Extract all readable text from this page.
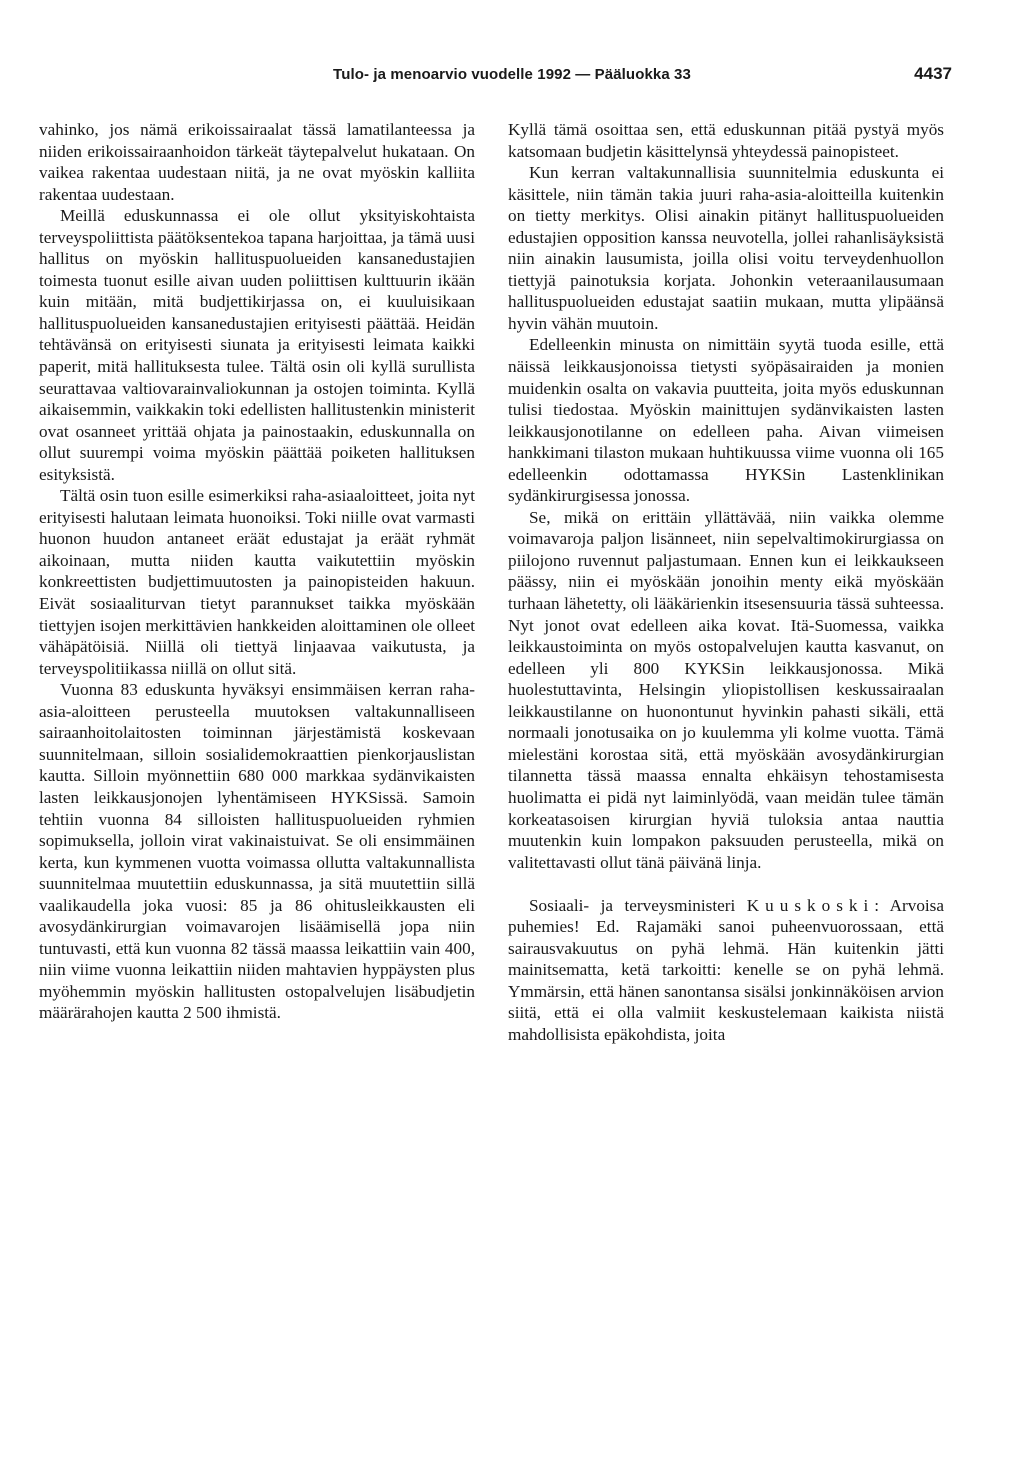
Tulo- ja menoarvio vuodelle 1992 — Pääluokka 33	4437

vahinko, jos nämä erikoissairaalat tässä lamatilanteessa ja niiden erikoissairaanhoidon tärkeät täytepalvelut hukataan. On vaikea rakentaa uudestaan niitä, ja ne ovat myöskin kalliita rakentaa uudestaan.

Meillä eduskunnassa ei ole ollut yksityiskohtaista terveyspoliittista päätöksentekoa tapana harjoittaa, ja tämä uusi hallitus on myöskin hallituspuolueiden kansanedustajien toimesta tuonut esille aivan uuden poliittisen kulttuurin ikään kuin mitään, mitä budjettikirjassa on, ei kuuluisikaan hallituspuolueiden kansanedustajien erityisesti päättää. Heidän tehtävänsä on erityisesti siunata ja erityisesti leimata kaikki paperit, mitä hallituksesta tulee. Tältä osin oli kyllä surullista seurattavaa valtiovarainvaliokunnan ja ostojen toiminta. Kyllä aikaisemmin, vaikkakin toki edellisten hallitustenkin ministerit ovat osanneet yrittää ohjata ja painostaakin, eduskunnalla on ollut suurempi voima myöskin päättää poiketen hallituksen esityksistä.

Tältä osin tuon esille esimerkiksi raha-asiaaloitteet, joita nyt erityisesti halutaan leimata huonoiksi. Toki niille ovat varmasti huonon huudon antaneet eräät edustajat ja eräät ryhmät aikoinaan, mutta niiden kautta vaikutettiin myöskin konkreettisten budjettimuutosten ja painopisteiden hakuun. Eivät sosiaaliturvan tietyt parannukset taikka myöskään tiettyjen isojen merkittävien hankkeiden aloittaminen ole olleet vähäpätöisiä. Niillä oli tiettyä linjaavaa vaikutusta, ja terveyspolitiikassa niillä on ollut sitä.

Vuonna 83 eduskunta hyväksyi ensimmäisen kerran raha-asia-aloitteen perusteella muutoksen valtakunnalliseen sairaanhoitolaitosten toiminnan järjestämistä koskevaan suunnitelmaan, silloin sosialidemokraattien pienkorjauslistan kautta. Silloin myönnettiin 680 000 markkaa sydänvikaisten lasten leikkausjonojen lyhentämiseen HYKSissä. Samoin tehtiin vuonna 84 silloisten hallituspuolueiden ryhmien sopimuksella, jolloin virat vakinaistuivat. Se oli ensimmäinen kerta, kun kymmenen vuotta voimassa ollutta valtakunnallista suunnitelmaa muutettiin eduskunnassa, ja sitä muutettiin sillä vaalikaudella joka vuosi: 85 ja 86 ohitusleikkausten eli avosydänkirurgian voimavarojen lisäämisellä jopa niin tuntuvasti, että kun vuonna 82 tässä maassa leikattiin vain 400, niin viime vuonna leikattiin niiden mahtavien hyppäysten plus myöhemmin myöskin hallitusten ostopalvelujen lisäbudjetin määrärahojen kautta 2 500 ihmistä.

Kyllä tämä osoittaa sen, että eduskunnan pitää pystyä myös katsomaan budjetin käsittelynsä yhteydessä painopisteet.

Kun kerran valtakunnallisia suunnitelmia eduskunta ei käsittele, niin tämän takia juuri raha-asia-aloitteilla kuitenkin on tietty merkitys. Olisi ainakin pitänyt hallituspuolueiden edustajien opposition kanssa neuvotella, jollei rahanlisäyksistä niin ainakin lausumista, joilla olisi voitu terveydenhuollon tiettyjä painotuksia korjata. Johonkin veteraanilausumaan hallituspuolueiden edustajat saatiin mukaan, mutta ylipäänsä hyvin vähän muutoin.

Edelleenkin minusta on nimittäin syytä tuoda esille, että näissä leikkausjonoissa tietysti syöpäsairaiden ja monien muidenkin osalta on vakavia puutteita, joita myös eduskunnan tulisi tiedostaa. Myöskin mainittujen sydänvikaisten lasten leikkausjonotilanne on edelleen paha. Aivan viimeisen hankkimani tilaston mukaan huhtikuussa viime vuonna oli 165 edelleenkin odottamassa HYKSin Lastenklinikan sydänkirurgisessa jonossa.

Se, mikä on erittäin yllättävää, niin vaikka olemme voimavaroja paljon lisänneet, niin sepelvaltimokirurgiassa on piilojono ruvennut paljastumaan. Ennen kun ei leikkaukseen päässy, niin ei myöskään jonoihin menty eikä myöskään turhaan lähetetty, oli lääkärienkin itsesensuuria tässä suhteessa. Nyt jonot ovat edelleen aika kovat. Itä-Suomessa, vaikka leikkaustoiminta on myös ostopalvelujen kautta kasvanut, on edelleen yli 800 KYKSin leikkausjonossa. Mikä huolestuttavinta, Helsingin yliopistollisen keskussairaalan leikkaustilanne on huonontunut hyvinkin pahasti sikäli, että normaali jonotusaika on jo kuulemma yli kolme vuotta. Tämä mielestäni korostaa sitä, että myöskään avosydänkirurgian tilannetta tässä maassa ennalta ehkäisyn tehostamisesta huolimatta ei pidä nyt laiminlyödä, vaan meidän tulee tämän korkeatasoisen kirurgian hyviä tuloksia antaa nauttia muutenkin kuin lompakon paksuuden perusteella, mikä on valitettavasti ollut tänä päivänä linja.

Sosiaali- ja terveysministeri Kuuskoski: Arvoisa puhemies! Ed. Rajamäki sanoi puheenvuorossaan, että sairausvakuutus on pyhä lehmä. Hän kuitenkin jätti mainitsematta, ketä tarkoitti: kenelle se on pyhä lehmä. Ymmärsin, että hänen sanontansa sisälsi jonkinnäköisen arvion siitä, että ei olla valmiit keskustelemaan kaikista niistä mahdollisista epäkohdista, joita
